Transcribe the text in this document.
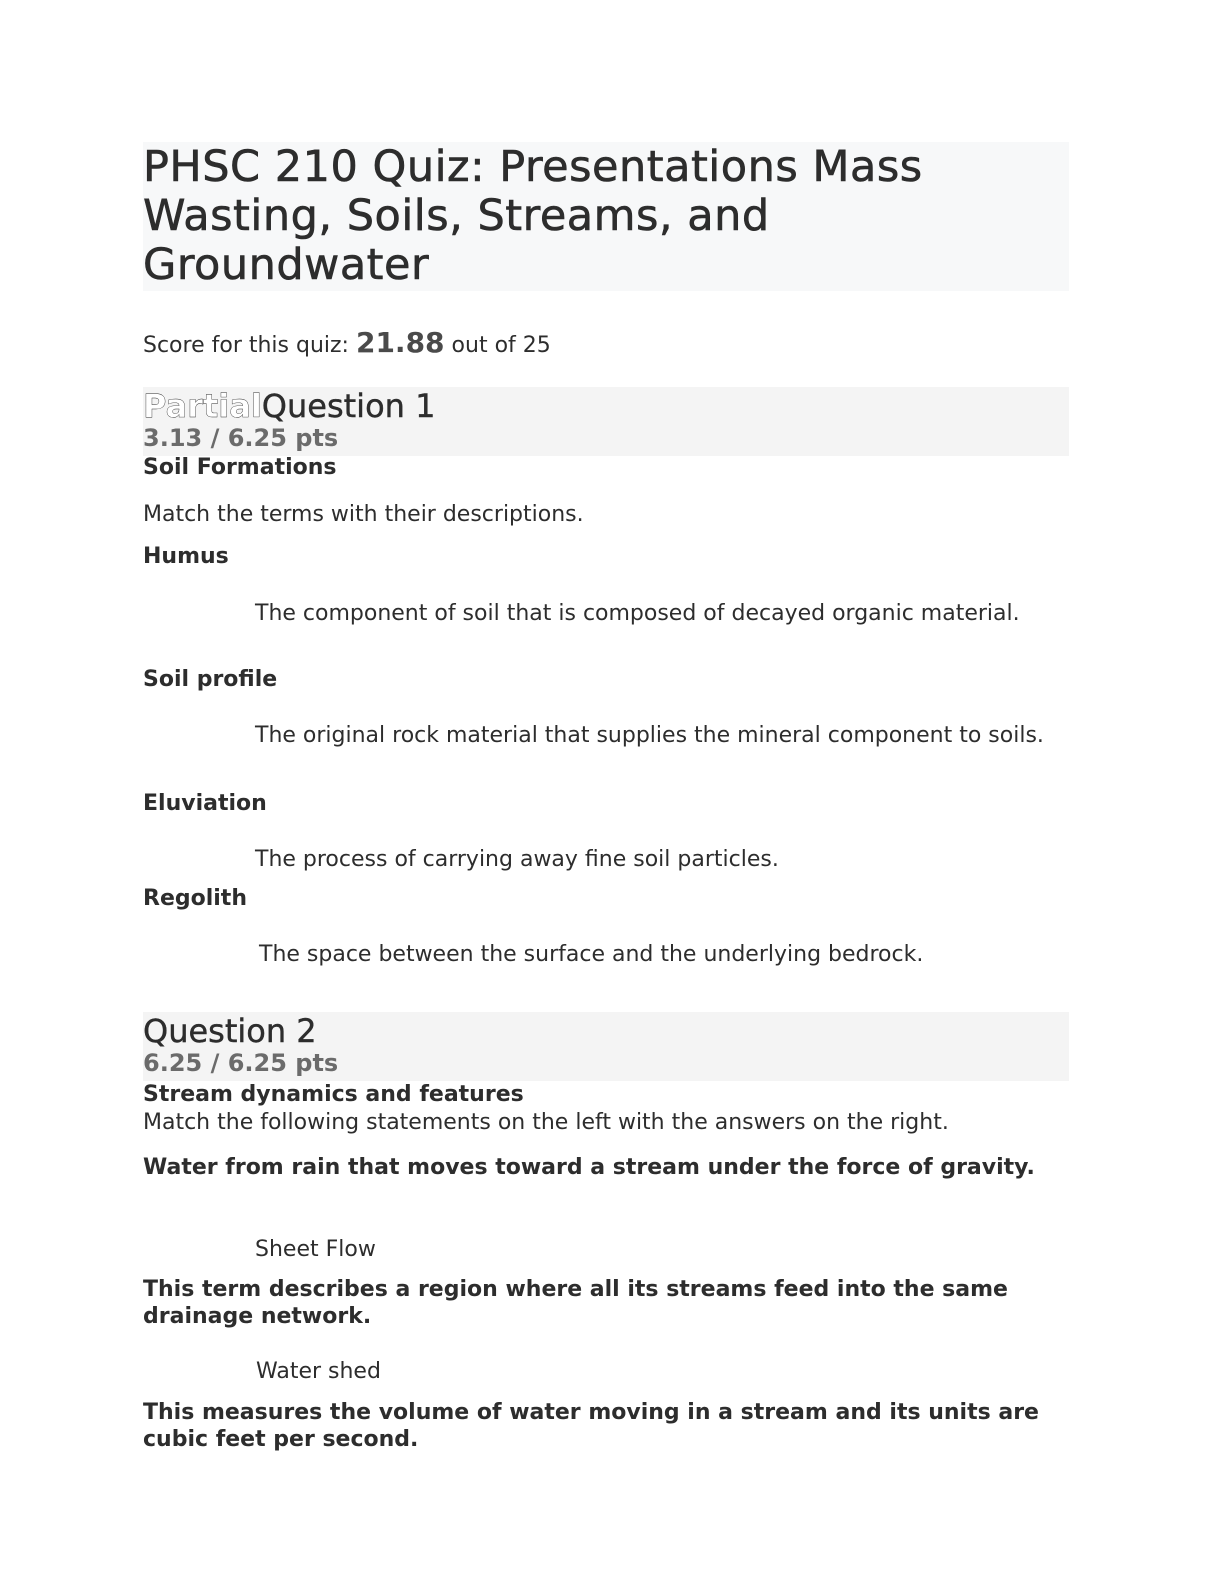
PHSC 210 Quiz: Presentations Mass Wasting, Soils, Streams, and Groundwater
Score for this quiz: 21.88 out of 25
PartialQuestion 1
3.13 / 6.25 pts
Soil Formations
Match the terms with their descriptions.
Humus
The component of soil that is composed of decayed organic material.
Soil profile
The original rock material that supplies the mineral component to soils.
Eluviation
The process of carrying away fine soil particles.
Regolith
The space between the surface and the underlying bedrock.
Question 2
6.25 / 6.25 pts
Stream dynamics and features
Match the following statements on the left with the answers on the right.
Water from rain that moves toward a stream under the force of gravity.
Sheet Flow
This term describes a region where all its streams feed into the same drainage network.
Water shed
This measures the volume of water moving in a stream and its units are cubic feet per second.
